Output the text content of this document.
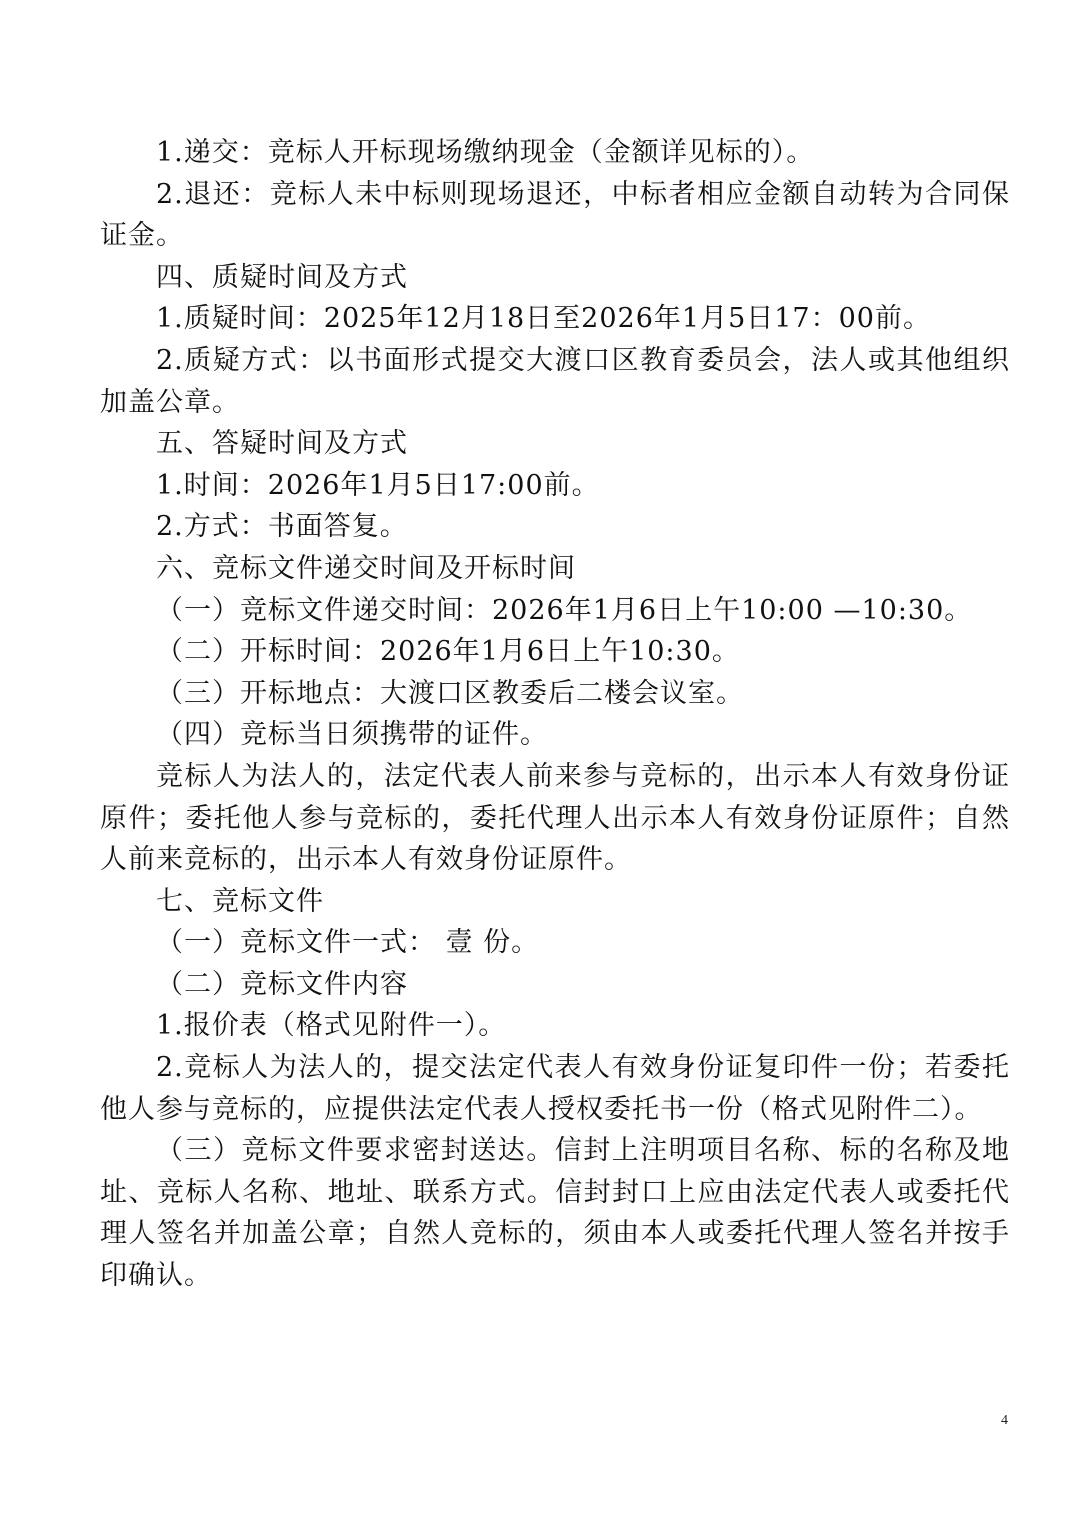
1.递交：竞标人开标现场缴纳现金（金额详见标的）。

2.退还：竞标人未中标则现场退还，中标者相应金额自动转为合同保证金。

四、质疑时间及方式

1.质疑时间：2025年12月18日至2026年1月5日17：00前。

2.质疑方式：以书面形式提交大渡口区教育委员会，法人或其他组织加盖公章。

五、答疑时间及方式

1.时间：2026年1月5日17:00前。

2.方式：书面答复。

六、竞标文件递交时间及开标时间

（一）竞标文件递交时间：2026年1月6日上午10:00 —10:30。

（二）开标时间：2026年1月6日上午10:30。

（三）开标地点：大渡口区教委后二楼会议室。

（四）竞标当日须携带的证件。

竞标人为法人的，法定代表人前来参与竞标的，出示本人有效身份证原件；委托他人参与竞标的，委托代理人出示本人有效身份证原件；自然人前来竞标的，出示本人有效身份证原件。

七、竞标文件

（一）竞标文件一式： 壹 份。

（二）竞标文件内容

1.报价表（格式见附件一）。

2.竞标人为法人的，提交法定代表人有效身份证复印件一份；若委托他人参与竞标的，应提供法定代表人授权委托书一份（格式见附件二）。

（三）竞标文件要求密封送达。信封上注明项目名称、标的名称及地址、竞标人名称、地址、联系方式。信封封口上应由法定代表人或委托代理人签名并加盖公章；自然人竞标的，须由本人或委托代理人签名并按手印确认。

4
